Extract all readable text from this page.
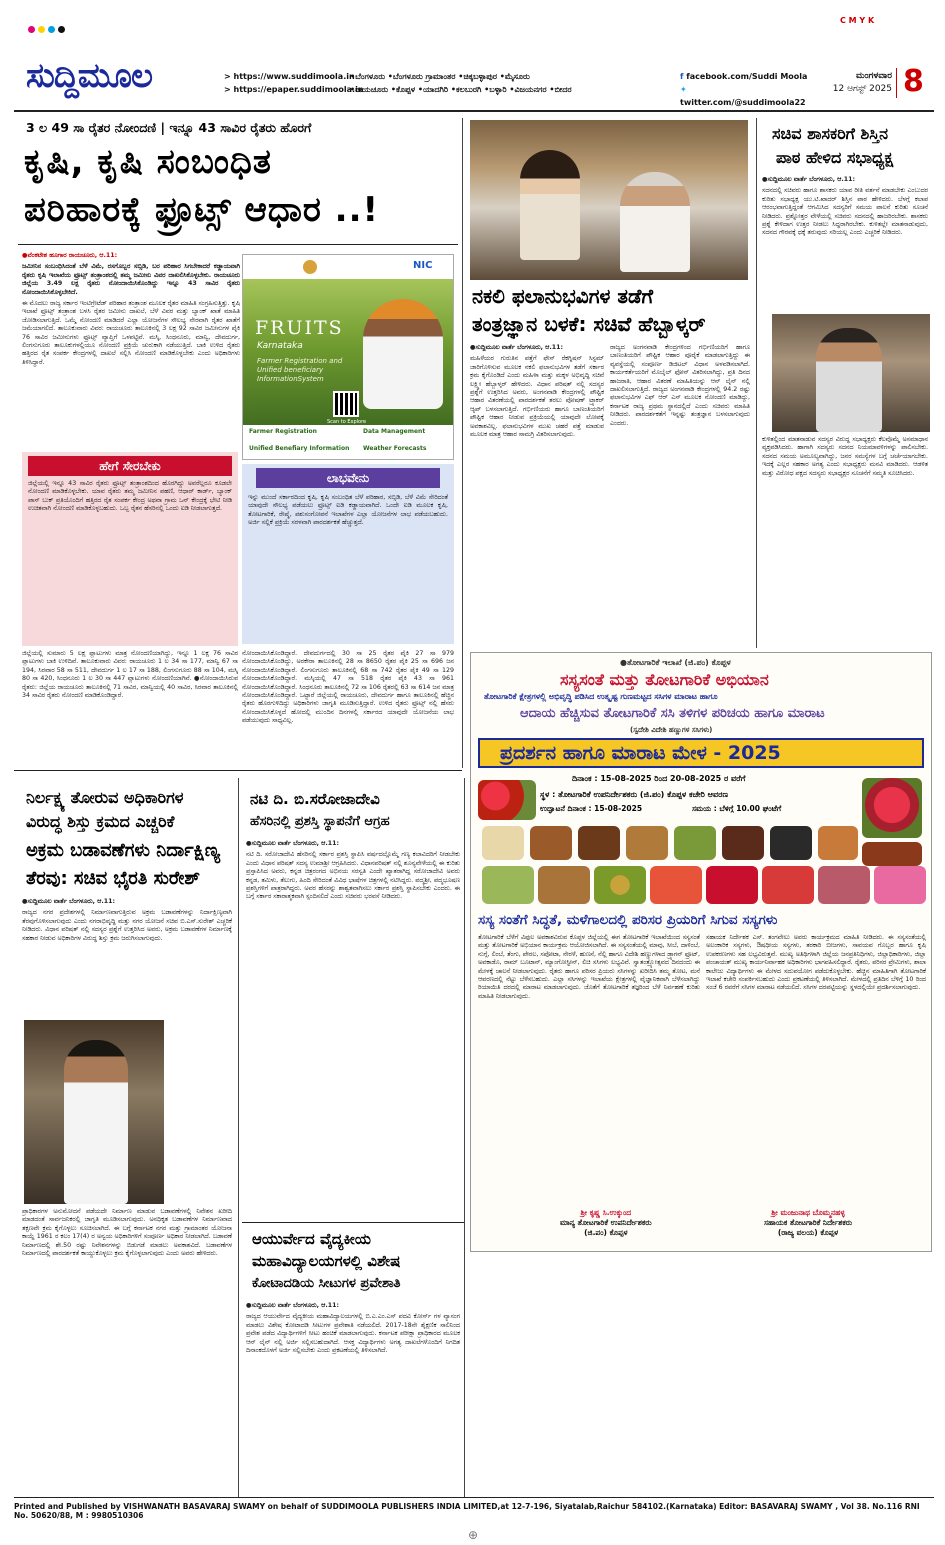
C M Y K
ಸುದ್ದಿಮೂಲ	> https://www.suddimoola.in
> https://epaper.suddimoola.in
•ಬೆಂಗಳೂರು •ಬೆಂಗಳೂರು ಗ್ರಾಮಾಂತರ •ಚಿಕ್ಕಬಳ್ಳಾಪುರ •ಮೈಸೂರು
•ರಾಯಚೂರು •ಕೊಪ್ಪಳ •ಯಾದಗಿರಿ •ಕಲಬುರಗಿ •ಬಳ್ಳಾರಿ •ವಿಜಯನಗರ •ಬೀದರ
f facebook.com/Suddi Moola
✦ twitter.com/@suddimoola22
ಮಂಗಳವಾರ
12 ಆಗಸ್ಟ್ 2025 8
3 ಲ 49 ಸಾ ರೈತರ ನೋಂದಣಿ | ಇನ್ನೂ 43 ಸಾವಿರ ರೈತರು ಹೊರಗೆ
ಕೃಷಿ, ಕೃಷಿ ಸಂಬಂಧಿತ
ಪರಿಹಾರಕ್ಕೆ ಫ್ರೂಟ್ಸ್ ಆಧಾರ ..!

●ವೆಂಕಟೇಶ ಹೂಗಾರ ರಾಯಚೂರು, ಆ.11:

ಜಮೀನಿನ ಸಂಬಂಧಿಸಿದಂತೆ ಬೆಳೆ ವಿಮೆ, ರಸಗೊಬ್ಬರ ಸಬ್ಸಿಡಿ, ಬರ ಪರಿಹಾರ ಸಿಗಬೇಕಾದರೆ ಕಡ್ಡಾಯವಾಗಿ ರೈತರು ಕೃಷಿ ಇಲಾಖೆಯ ಫ್ರೂಟ್ಸ್ ತಂತ್ರಾಂಶದಲ್ಲಿ ತಮ್ಮ ಜಮೀನು ವಿವರ ದಾಖಲಿಸಿಕೊಳ್ಳಬೇಕು. ರಾಯಚೂರು ಜಿಲ್ಲೆಯ 3.49 ಲಕ್ಷ ರೈತರು ನೋಂದಾಯಿಸಿಕೊಂಡಿದ್ದು ಇನ್ನೂ 43 ಸಾವಿರ ರೈತರು ನೋಂದಾಯಿಸಿಕೊಳ್ಳಬೇಕಿದೆ.

ಈ ಮೊದಲು ರಾಜ್ಯ ಸರ್ಕಾರ ಇಂಟಿಗ್ರೇಟೆಡ್ ಪರಿಹಾರ ತಂತ್ರಾಂಶ ಮೂಲಕ ರೈತರ ಮಾಹಿತಿ ಸಂಗ್ರಹಿಸುತ್ತಿತ್ತು. ಕೃಷಿ ಇಲಾಖೆ ಫ್ರೂಟ್ಸ್ ತಂತ್ರಾಂಶ ಬಳಸಿ ರೈತರ ಜಮೀನು ದಾಖಲೆ, ಬೆಳೆ ವಿವರ ಮತ್ತು ಬ್ಯಾಂಕ್ ಖಾತೆ ಮಾಹಿತಿ ಜೋಡಿಸಲಾಗುತ್ತಿದೆ. ಒಮ್ಮೆ ನೋಂದಣಿ ಮಾಡಿದರೆ ಎಲ್ಲಾ ಯೋಜನೆಗಳ ಸೌಲಭ್ಯ ನೇರವಾಗಿ ರೈತರ ಖಾತೆಗೆ ಜಮೆಯಾಗಲಿದೆ. ತಾಲೂಕುವಾರು ವಿವರ: ರಾಯಚೂರು ತಾಲೂಕಿನಲ್ಲಿ 3 ಲಕ್ಷ 92 ಸಾವಿರ ಜಮೀನುಗಳ ಪೈಕಿ 76 ಸಾವಿರ ಜಮೀನುಗಳು ಫ್ರೂಟ್ಸ್ ವ್ಯಾಪ್ತಿಗೆ ಒಳಪಟ್ಟಿವೆ. ಮಸ್ಕಿ, ಸಿಂಧನೂರು, ಮಾನ್ವಿ, ದೇವದುರ್ಗ, ಲಿಂಗಸುಗೂರು ತಾಲೂಕುಗಳಲ್ಲಿಯೂ ನೋಂದಣಿ ಪ್ರಕ್ರಿಯೆ ಚುರುಕಾಗಿ ನಡೆಯುತ್ತಿದೆ. ಬಾಕಿ ಉಳಿದ ರೈತರು ಹತ್ತಿರದ ರೈತ ಸಂಪರ್ಕ ಕೇಂದ್ರಗಳಲ್ಲಿ ದಾಖಲೆ ಸಲ್ಲಿಸಿ ನೋಂದಣಿ ಮಾಡಿಕೊಳ್ಳಬೇಕು ಎಂದು ಅಧಿಕಾರಿಗಳು ತಿಳಿಸಿದ್ದಾರೆ.

NIC
FRUITS
Karnataka
Farmer Registration and Unified beneficiary InformationSystem
Scan to Explore
Farmer Registration
Unified Benefiary Information
Data Management
Weather Forecasts
ಹೇಗೆ ಸೇರಬೇಕು
ಜಿಲ್ಲೆಯಲ್ಲಿ ಇನ್ನೂ 43 ಸಾವಿರ ರೈತರು ಫ್ರೂಟ್ಸ್ ತಂತ್ರಾಂಶದಿಂದ ಹೊರಗಿದ್ದು ಅವರೆಲ್ಲರೂ ಕೂಡಲೇ ನೋಂದಣಿ ಮಾಡಿಕೊಳ್ಳಬೇಕು. ಯಾವ ರೈತರು ತಮ್ಮ ಜಮೀನಿನ ಪಹಣಿ, ಆಧಾರ್ ಕಾರ್ಡ್, ಬ್ಯಾಂಕ್ ಪಾಸ್ ಬುಕ್ ಪ್ರತಿಯೊಂದಿಗೆ ಹತ್ತಿರದ ರೈತ ಸಂಪರ್ಕ ಕೇಂದ್ರ ಅಥವಾ ಗ್ರಾಮ ಒನ್ ಕೇಂದ್ರಕ್ಕೆ ಭೇಟಿ ನೀಡಿ ಉಚಿತವಾಗಿ ನೋಂದಣಿ ಮಾಡಿಕೊಳ್ಳಬಹುದು. ಒಬ್ಬ ರೈತನ ಹೆಸರಿನಲ್ಲಿ ಒಂದು ಐಡಿ ನೀಡಲಾಗುತ್ತದೆ.
ಲಾಭವೇನು
ಇನ್ನು ಮುಂದೆ ಸರ್ಕಾರದಿಂದ ಕೃಷಿ, ಕೃಷಿ ಸಂಬಂಧಿತ ಬೆಳೆ ಪರಿಹಾರ, ಸಬ್ಸಿಡಿ, ಬೆಳೆ ವಿಮೆ ಸೇರಿದಂತೆ ಯಾವುದೇ ಸೌಲಭ್ಯ ಪಡೆಯಲು ಫ್ರೂಟ್ಸ್ ಐಡಿ ಕಡ್ಡಾಯವಾಗಿದೆ. ಒಂದೇ ಐಡಿ ಮೂಲಕ ಕೃಷಿ, ತೋಟಗಾರಿಕೆ, ರೇಷ್ಮೆ, ಪಶುಸಂಗೋಪನೆ ಇಲಾಖೆಗಳ ಎಲ್ಲಾ ಯೋಜನೆಗಳ ಲಾಭ ಪಡೆಯಬಹುದು. ಅರ್ಜಿ ಸಲ್ಲಿಕೆ ಪ್ರಕ್ರಿಯೆ ಸರಳವಾಗಿ ಪಾರದರ್ಶಕತೆ ಹೆಚ್ಚುತ್ತದೆ.
ಜಿಲ್ಲೆಯಲ್ಲಿ ಸುಮಾರು 5 ಲಕ್ಷ ಪ್ಲಾಟುಗಳು ಮಾತ್ರ ನೋಂದಣಿಯಾಗಿದ್ದು, ಇನ್ನೂ 1 ಲಕ್ಷ 76 ಸಾವಿರ ಪ್ಲಾಟುಗಳು ಬಾಕಿ ಉಳಿದಿವೆ. ತಾಲೂಕುವಾರು ವಿವರ: ರಾಯಚೂರು 1 ಲ 34 ಸಾ 177, ಮಾನ್ವಿ 67 ಸಾ 194, ಸಿರವಾರ 58 ಸಾ 511, ದೇವದುರ್ಗ 1 ಲ 17 ಸಾ 188, ಲಿಂಗಸುಗೂರು 88 ಸಾ 104, ಮಸ್ಕಿ 80 ಸಾ 420, ಸಿಂಧನೂರು 1 ಲ 30 ಸಾ 447 ಪ್ಲಾಟುಗಳು ನೋಂದಣಿಯಾಗಿವೆ. ●ನೋಂದಾಯಿಸಿರುವ ರೈತರು: ಜಿಲ್ಲೆಯ ರಾಯಚೂರು ತಾಲೂಕಿನಲ್ಲಿ 71 ಸಾವಿರ, ಮಾನ್ವಿಯಲ್ಲಿ 40 ಸಾವಿರ, ಸಿರವಾರ ತಾಲೂಕಿನಲ್ಲಿ 34 ಸಾವಿರ ರೈತರು ನೋಂದಣಿ ಮಾಡಿಕೊಂಡಿದ್ದಾರೆ.
ನೋಂದಾಯಿಸಿಕೊಂಡಿದ್ದಾರೆ. ದೇವದುರ್ಗದಲ್ಲಿ 30 ಸಾ 25 ರೈತರ ಪೈಕಿ 27 ಸಾ 979 ನೋಂದಾಯಿಸಿಕೊಂಡಿದ್ದು, ಅರಕೇರಾ ತಾಲೂಕಿನಲ್ಲಿ 28 ಸಾ 8650 ರೈತರ ಪೈಕಿ 25 ಸಾ 696 ಜನ ನೋಂದಾಯಿಸಿಕೊಂಡಿದ್ದಾರೆ. ಲಿಂಗಸುಗೂರು ತಾಲೂಕಿನಲ್ಲಿ 68 ಸಾ 742 ರೈತರ ಪೈಕಿ 49 ಸಾ 129 ನೋಂದಾಯಿಸಿಕೊಂಡಿದ್ದಾರೆ. ಮಸ್ಕಿಯಲ್ಲಿ 47 ಸಾ 518 ರೈತರ ಪೈಕಿ 43 ಸಾ 961 ನೋಂದಾಯಿಸಿಕೊಂಡಿದ್ದಾರೆ. ಸಿಂಧನೂರು ತಾಲೂಕಿನಲ್ಲಿ 72 ಸಾ 106 ರೈತರಲ್ಲಿ 63 ಸಾ 614 ಜನ ಮಾತ್ರ ನೋಂದಾಯಿಸಿಕೊಂಡಿದ್ದಾರೆ. ಒಟ್ಟಾರೆ ಜಿಲ್ಲೆಯಲ್ಲಿ ರಾಯಚೂರು, ದೇವದುರ್ಗ ಹಾಗೂ ತಾಲೂಕಿನಲ್ಲಿ ಹೆಚ್ಚಿನ ರೈತರು ಹೊರಗುಳಿದಿದ್ದು ಅಧಿಕಾರಿಗಳು ಜಾಗೃತಿ ಮೂಡಿಸುತ್ತಿದ್ದಾರೆ. ಉಳಿದ ರೈತರು ಫ್ರೂಟ್ಸ್ ನಲ್ಲಿ ಹೆಸರು ನೋಂದಾಯಿಸಿಕೊಳ್ಳದೆ ಹೋದಲ್ಲಿ ಮುಂದಿನ ದಿನಗಳಲ್ಲಿ ಸರ್ಕಾರದ ಯಾವುದೇ ಯೋಜನೆಯ ಲಾಭ ಪಡೆಯುವುದು ಸಾಧ್ಯವಿಲ್ಲ.
ನಕಲಿ ಫಲಾನುಭವಿಗಳ ತಡೆಗೆ
ತಂತ್ರಜ್ಞಾನ ಬಳಕೆ: ಸಚಿವೆ ಹೆಬ್ಬಾಳ್ಕರ್

●ಸುದ್ದಿಮೂಲ ವಾರ್ತೆ ಬೆಂಗಳೂರು, ಆ.11:

ಮಹಿಳೆಯರ ಗುರುತಿನ ಪತ್ತೆಗೆ ಫೇಸ್ ರೆಕಗ್ನಿಷನ್ ಸಿಸ್ಟಮ್ ಜಾರಿಗೊಳಿಸುವ ಮೂಲಕ ನಕಲಿ ಫಲಾನುಭವಿಗಳ ತಡೆಗೆ ಸರ್ಕಾರ ಕ್ರಮ ಕೈಗೊಂಡಿದೆ ಎಂದು ಮಹಿಳಾ ಮತ್ತು ಮಕ್ಕಳ ಅಭಿವೃದ್ಧಿ ಸಚಿವೆ ಲಕ್ಷ್ಮೀ ಹೆಬ್ಬಾಳ್ಕರ್ ಹೇಳಿದರು. ವಿಧಾನ ಪರಿಷತ್ ನಲ್ಲಿ ಸದಸ್ಯರ ಪ್ರಶ್ನೆಗೆ ಉತ್ತರಿಸಿದ ಅವರು, ಅಂಗನವಾಡಿ ಕೇಂದ್ರಗಳಲ್ಲಿ ಪೌಷ್ಟಿಕ ಆಹಾರ ವಿತರಣೆಯಲ್ಲಿ ಪಾರದರ್ಶಕತೆ ತರಲು ಪೋಷಣ್ ಟ್ರ್ಯಾಕರ್ ಆ್ಯಪ್ ಬಳಸಲಾಗುತ್ತಿದೆ. ಗರ್ಭಿಣಿಯರು ಹಾಗೂ ಬಾಣಂತಿಯರಿಗೆ ಪೌಷ್ಟಿಕ ಆಹಾರ ನೀಡುವ ಪ್ರಕ್ರಿಯೆಯಲ್ಲಿ ಯಾವುದೇ ಲೋಪಕ್ಕೆ ಅವಕಾಶವಿಲ್ಲ. ಫಲಾನುಭವಿಗಳ ಮುಖ ಚಹರೆ ಪತ್ತೆ ಮಾಡುವ ಮೂಲಕ ಮಾತ್ರ ಆಹಾರ ಸಾಮಗ್ರಿ ವಿತರಿಸಲಾಗುವುದು.

ರಾಜ್ಯದ ಅಂಗನವಾಡಿ ಕೇಂದ್ರಗಳಿಂದ ಗರ್ಭಿಣಿಯರಿಗೆ ಹಾಗೂ ಬಾಣಂತಿಯರಿಗೆ ಪೌಷ್ಟಿಕ ಆಹಾರ ಪೂರೈಕೆ ಮಾಡಲಾಗುತ್ತಿದ್ದು ಈ ವ್ಯವಸ್ಥೆಯಲ್ಲಿ ಸಂಪೂರ್ಣ ಡಿಜಿಟಲ್ ವಿಧಾನ ಅಳವಡಿಸಲಾಗಿದೆ. ಕಾರ್ಯಕರ್ತೆಯರಿಗೆ ಮೊಬೈಲ್ ಫೋನ್ ವಿತರಿಸಲಾಗಿದ್ದು, ಪ್ರತಿ ದಿನದ ಹಾಜರಾತಿ, ಆಹಾರ ವಿತರಣೆ ಮಾಹಿತಿಯನ್ನು ಆನ್ ಲೈನ್ ನಲ್ಲಿ ದಾಖಲಿಸಲಾಗುತ್ತಿದೆ. ರಾಜ್ಯದ ಅಂಗನವಾಡಿ ಕೇಂದ್ರಗಳಲ್ಲಿ 94.2 ರಷ್ಟು ಫಲಾನುಭವಿಗಳ ಎಫ್ ಆರ್ ಎಸ್ ಮೂಲಕ ನೋಂದಣಿ ಮಾಡಿದ್ದು, ಕರ್ನಾಟಕ ರಾಜ್ಯ ಪ್ರಥಮ ಸ್ಥಾನದಲ್ಲಿದೆ ಎಂದು ಸಚಿವರು ಮಾಹಿತಿ ನೀಡಿದರು. ಪಾರದರ್ಶಕತೆಗೆ ಇನ್ನಷ್ಟು ತಂತ್ರಜ್ಞಾನ ಬಳಸಲಾಗುವುದು ಎಂದರು.
ಸಚಿವ ಶಾಸಕರಿಗೆ ಶಿಸ್ತಿನ
ಪಾಠ ಹೇಳಿದ ಸಭಾಧ್ಯಕ್ಷ

●ಸುದ್ದಿಮೂಲ ವಾರ್ತೆ ಬೆಂಗಳೂರು, ಆ.11:

ಸದನದಲ್ಲಿ ಸಚಿವರು ಹಾಗೂ ಶಾಸಕರು ಯಾವ ರೀತಿ ವರ್ತನೆ ಮಾಡಬೇಕು ಎಂಬುದರ ಕುರಿತು ಸಭಾಧ್ಯಕ್ಷ ಯು.ಟಿ.ಖಾದರ್ ಶಿಸ್ತಿನ ಪಾಠ ಹೇಳಿದರು. ಬೆಳಗ್ಗೆ ಕಲಾಪ ಆರಂಭವಾಗುತ್ತಿದ್ದಂತೆ ಆಗಮಿಸಿದ ಸದಸ್ಯರಿಗೆ ಸಮಯ ಪಾಲನೆ ಕುರಿತು ಸೂಚನೆ ನೀಡಿದರು. ಪ್ರಶ್ನೋತ್ತರ ವೇಳೆಯಲ್ಲಿ ಸಚಿವರು ಸದನದಲ್ಲಿ ಹಾಜರಿರಬೇಕು. ಶಾಸಕರು ಪ್ರಶ್ನೆ ಕೇಳಿದಾಗ ಉತ್ತರ ನೀಡಲು ಸಿದ್ಧರಾಗಿರಬೇಕು. ಕುಳಿತಲ್ಲೇ ಮಾತನಾಡುವುದು, ಸದನದ ಗೌರವಕ್ಕೆ ಧಕ್ಕೆ ತರುವುದು ಸರಿಯಲ್ಲ ಎಂದು ಎಚ್ಚರಿಕೆ ನೀಡಿದರು.

ಕುಳಿತಲ್ಲಿಂದ ಮಾತನಾಡುವ ಸದಸ್ಯರ ವಿರುದ್ಧ ಸಭಾಧ್ಯಕ್ಷರು ಕೆಲವೊಮ್ಮೆ ಅಸಮಾಧಾನ ವ್ಯಕ್ತಪಡಿಸಿದರು. ಹಾಗಾಗಿ ಸದಸ್ಯರು ಸದನದ ನಿಯಮಾವಳಿಗಳನ್ನು ಪಾಲಿಸಬೇಕು. ಸದನದ ಸಮಯ ಅಮೂಲ್ಯವಾಗಿದ್ದು, ಜನರ ಸಮಸ್ಯೆಗಳ ಬಗ್ಗೆ ಚರ್ಚೆಯಾಗಬೇಕು. ಇದಕ್ಕೆ ಎಲ್ಲರ ಸಹಕಾರ ಅಗತ್ಯ ಎಂದು ಸಭಾಧ್ಯಕ್ಷರು ಮನವಿ ಮಾಡಿದರು. ಆಡಳಿತ ಮತ್ತು ವಿರೋಧ ಪಕ್ಷದ ಸದಸ್ಯರು ಸಭಾಧ್ಯಕ್ಷರ ಸೂಚನೆಗೆ ಸಮ್ಮತಿ ಸೂಚಿಸಿದರು.
●ತೋಟಗಾರಿಕೆ ಇಲಾಖೆ (ಜಿ.ಪಂ) ಕೊಪ್ಪಳ
ಸಸ್ಯಸಂತೆ ಮತ್ತು ತೋಟಗಾರಿಕೆ ಅಭಿಯಾನ
ತೋಟಗಾರಿಕೆ ಕ್ಷೇತ್ರಗಳಲ್ಲಿ ಅಭಿವೃದ್ಧಿ ಪಡಿಸಿದ ಉತ್ಕೃಷ್ಟ ಗುಣಮಟ್ಟದ ಸಸಿಗಳ ಮಾರಾಟ ಹಾಗೂ
ಆದಾಯ ಹೆಚ್ಚಿಸುವ ತೋಟಗಾರಿಕೆ ಸಸಿ ತಳಿಗಳ ಪರಿಚಯ ಹಾಗೂ ಮಾರಾಟ
(ಸ್ವದೇಶಿ ವಿದೇಶಿ ಹಣ್ಣುಗಳ ಸಸಿಗಳು)
ಪ್ರದರ್ಶನ ಹಾಗೂ ಮಾರಾಟ ಮೇಳ - 2025
ದಿನಾಂಕ : 15-08-2025 ರಿಂದ 20-08-2025 ರ ವರೆಗೆ
ಸ್ಥಳ : ತೋಟಗಾರಿಕೆ ಉಪನಿರ್ದೇಶಕರು (ಜಿ.ಪಂ) ಕೊಪ್ಪಳ ಕಚೇರಿ ಆವರಣ
ಉದ್ಘಾಟನೆ ದಿನಾಂಕ : 15-08-2025	ಸಮಯ : ಬೆಳಿಗ್ಗೆ 10.00 ಘಂಟೆಗೆ
ಸಸ್ಯ ಸಂತೆಗೆ ಸಿದ್ಧತೆ, ಮಳೆಗಾಲದಲ್ಲಿ ಪರಿಸರ ಪ್ರಿಯರಿಗೆ ಸಿಗುವ ಸಸ್ಯಗಳು
ತೋಟಗಾರಿಕೆ ಬೆಳೆಗೆ ವಿಫುಲ ಅವಕಾಶವಿರುವ ಕೊಪ್ಪಳ ಜಿಲ್ಲೆಯಲ್ಲಿ ಈಗ ತೋಟಗಾರಿಕೆ ಇಲಾಖೆಯಿಂದ ಸಸ್ಯಸಂತೆ ಮತ್ತು ತೋಟಗಾರಿಕೆ ಅಭಿಯಾನ ಕಾರ್ಯಕ್ರಮ ಆಯೋಜಿಸಲಾಗಿದೆ. ಈ ಸಸ್ಯಸಂತೆಯಲ್ಲಿ ಮಾವು, ಸೀಬೆ, ದಾಳಿಂಬೆ, ನುಗ್ಗೆ, ಲಿಂಬೆ, ತೆಂಗು, ಪೇರಲ, ಸಪೋಟಾ, ನೇರಳೆ, ಹುಣಸೆ, ನೆಲ್ಲಿ ಹಾಗೂ ವಿದೇಶಿ ಹಣ್ಣುಗಳಾದ ಡ್ರ್ಯಾಗನ್ ಫ್ರೂಟ್, ಅವಕಾಡೊ, ರಾಮ್ ಬೂಟಾನ್, ಮ್ಯಾಂಗೋಸ್ಟೀನ್, ಲಿಚಿ ಸಸಿಗಳು ಲಭ್ಯವಿವೆ. ಸ್ವಾತಂತ್ರ್ಯೋತ್ಸವದ ದಿನದಂದು ಈ ಮೇಳಕ್ಕೆ ಚಾಲನೆ ನೀಡಲಾಗುವುದು. ರೈತರು ಹಾಗೂ ಪರಿಸರ ಪ್ರಿಯರು ಸಸಿಗಳನ್ನು ಖರೀದಿಸಿ ತಮ್ಮ ತೋಟ, ಮನೆ ಆವರಣದಲ್ಲಿ ನೆಟ್ಟು ಬೆಳೆಸಬಹುದು. ಎಲ್ಲಾ ಸಸಿಗಳನ್ನು ಇಲಾಖೆಯ ಕ್ಷೇತ್ರಗಳಲ್ಲಿ ವೈಜ್ಞಾನಿಕವಾಗಿ ಬೆಳೆಸಲಾಗಿದ್ದು ರಿಯಾಯಿತಿ ದರದಲ್ಲಿ ಮಾರಾಟ ಮಾಡಲಾಗುವುದು. ಜೊತೆಗೆ ತೋಟಗಾರಿಕೆ ತಜ್ಞರಿಂದ ಬೆಳೆ ನಿರ್ವಹಣೆ ಕುರಿತು ಮಾಹಿತಿ ನೀಡಲಾಗುವುದು.
ಸಹಾಯಕ ನಿರ್ದೇಶಕ ಎಸ್. ತಂಗವೇಲು ಅವರು ಕಾರ್ಯಕ್ರಮದ ಮಾಹಿತಿ ನೀಡಿದರು. ಈ ಸಸ್ಯಸಂತೆಯಲ್ಲಿ ಅಲಂಕಾರಿಕ ಸಸ್ಯಗಳು, ಔಷಧೀಯ ಸಸ್ಯಗಳು, ತರಕಾರಿ ಬೀಜಗಳು, ಸಾವಯವ ಗೊಬ್ಬರ ಹಾಗೂ ಕೃಷಿ ಉಪಕರಣಗಳು ಸಹ ಲಭ್ಯವಿರುತ್ತವೆ. ಮುಖ್ಯ ಅತಿಥಿಗಳಾಗಿ ಜಿಲ್ಲೆಯ ಜನಪ್ರತಿನಿಧಿಗಳು, ಜಿಲ್ಲಾಧಿಕಾರಿಗಳು, ಜಿಲ್ಲಾ ಪಂಚಾಯತ್ ಮುಖ್ಯ ಕಾರ್ಯನಿರ್ವಾಹಕ ಅಧಿಕಾರಿಗಳು ಭಾಗವಹಿಸಲಿದ್ದಾರೆ. ರೈತರು, ಪರಿಸರ ಪ್ರೇಮಿಗಳು, ಶಾಲಾ ಕಾಲೇಜು ವಿದ್ಯಾರ್ಥಿಗಳು ಈ ಮೇಳದ ಸದುಪಯೋಗ ಪಡೆದುಕೊಳ್ಳಬೇಕು. ಹೆಚ್ಚಿನ ಮಾಹಿತಿಗಾಗಿ ತೋಟಗಾರಿಕೆ ಇಲಾಖೆ ಕಚೇರಿ ಸಂಪರ್ಕಿಸಬಹುದು ಎಂದು ಪ್ರಕಟಣೆಯಲ್ಲಿ ತಿಳಿಸಲಾಗಿದೆ. ಮೇಳದಲ್ಲಿ ಪ್ರತಿದಿನ ಬೆಳಿಗ್ಗೆ 10 ರಿಂದ ಸಂಜೆ 6 ರವರೆಗೆ ಸಸಿಗಳ ಮಾರಾಟ ನಡೆಯಲಿದೆ. ಸಸಿಗಳ ದರಪಟ್ಟಿಯನ್ನು ಸ್ಥಳದಲ್ಲಿಯೇ ಪ್ರದರ್ಶಿಸಲಾಗುವುದು.
ಶ್ರೀ ಕೃಷ್ಣ ಸಿ.ಉಕ್ಕುಂದ
ಮಾನ್ಯ ತೋಟಗಾರಿಕೆ ಉಪನಿರ್ದೇಶಕರು
(ಜಿ.ಪಂ) ಕೊಪ್ಪಳ
ಶ್ರೀ ಮಂಜುನಾಥ ಬೊಮ್ಮನಹಳ್ಳ
ಸಹಾಯಕ ತೋಟಗಾರಿಕೆ ನಿರ್ದೇಶಕರು
(ರಾಜ್ಯ ವಲಯ) ಕೊಪ್ಪಳ
ನಿರ್ಲಕ್ಷ್ಯ ತೋರುವ ಅಧಿಕಾರಿಗಳ
ವಿರುದ್ಧ ಶಿಸ್ತು ಕ್ರಮದ ಎಚ್ಚರಿಕೆ
ಅಕ್ರಮ ಬಡಾವಣೆಗಳು ನಿರ್ದಾಕ್ಷಿಣ್ಯ
ತೆರವು: ಸಚಿವ ಭೈರತಿ ಸುರೇಶ್

●ಸುದ್ದಿಮೂಲ ವಾರ್ತೆ ಬೆಂಗಳೂರು, ಆ.11:

ರಾಜ್ಯದ ನಗರ ಪ್ರದೇಶಗಳಲ್ಲಿ ನಿರ್ಮಾಣವಾಗುತ್ತಿರುವ ಅಕ್ರಮ ಬಡಾವಣೆಗಳನ್ನು ನಿರ್ದಾಕ್ಷಿಣ್ಯವಾಗಿ ತೆರವುಗೊಳಿಸಲಾಗುವುದು ಎಂದು ನಗರಾಭಿವೃದ್ಧಿ ಮತ್ತು ನಗರ ಯೋಜನೆ ಸಚಿವ ಬಿ.ಎಸ್.ಸುರೇಶ್ ಎಚ್ಚರಿಕೆ ನೀಡಿದರು. ವಿಧಾನ ಪರಿಷತ್ ನಲ್ಲಿ ಸದಸ್ಯರ ಪ್ರಶ್ನೆಗೆ ಉತ್ತರಿಸಿದ ಅವರು, ಅಕ್ರಮ ಬಡಾವಣೆಗಳ ನಿರ್ಮಾಣಕ್ಕೆ ಸಹಕಾರ ನೀಡುವ ಅಧಿಕಾರಿಗಳ ವಿರುದ್ಧ ಶಿಸ್ತು ಕ್ರಮ ಜರುಗಿಸಲಾಗುವುದು.

ಪ್ರಾಧಿಕಾರಗಳ ಅನುಮೋದನೆ ಪಡೆಯದೇ ನಿರ್ಮಾಣ ಮಾಡುವ ಬಡಾವಣೆಗಳಲ್ಲಿ ನಿವೇಶನ ಖರೀದಿ ಮಾಡದಂತೆ ಸಾರ್ವಜನಿಕರಲ್ಲಿ ಜಾಗೃತಿ ಮೂಡಿಸಲಾಗುವುದು. ಅನಧಿಕೃತ ಬಡಾವಣೆಗಳ ನಿರ್ಮಾಣವಾದ ತಕ್ಷಣವೇ ಕ್ರಮ ಕೈಗೊಳ್ಳಲು ಸೂಚಿಸಲಾಗಿದೆ. ಈ ಬಗ್ಗೆ ಕರ್ನಾಟಕ ನಗರ ಮತ್ತು ಗ್ರಾಮಾಂತರ ಯೋಜನಾ ಕಾಯ್ದೆ 1961 ರ ಕಲಂ 17(4) ರ ಅನ್ವಯ ಅಧಿಕಾರಿಗಳಿಗೆ ಸಂಪೂರ್ಣ ಅಧಿಕಾರ ನೀಡಲಾಗಿದೆ. ಬಡಾವಣೆ ನಿರ್ಮಾಣದಲ್ಲಿ ಶೇ.50 ರಷ್ಟು ನಿವೇಶನಗಳನ್ನು ಬಿಡುಗಡೆ ಮಾಡಲು ಅವಕಾಶವಿದೆ. ಬಡಾವಣೆಗಳ ನಿರ್ಮಾಣದಲ್ಲಿ ಪಾರದರ್ಶಕತೆ ಕಾಯ್ದುಕೊಳ್ಳಲು ಕ್ರಮ ಕೈಗೊಳ್ಳಲಾಗುವುದು ಎಂದು ಅವರು ಹೇಳಿದರು.
ನಟಿ ದಿ. ಬಿ.ಸರೋಜಾದೇವಿ
ಹೆಸರಿನಲ್ಲಿ ಪ್ರಶಸ್ತಿ ಸ್ಥಾಪನೆಗೆ ಆಗ್ರಹ

●ಸುದ್ದಿಮೂಲ ವಾರ್ತೆ ಬೆಂಗಳೂರು, ಆ.11:

ನಟಿ ದಿ. ಸರೋಜಾದೇವಿ ಹೆಸರಿನಲ್ಲಿ ಸರ್ಕಾರ ಪ್ರಶಸ್ತಿ ಸ್ಥಾಪಿಸಿ ವರ್ಷದಲ್ಲೊಮ್ಮೆ ಗಣ್ಯ ಕಲಾವಿದರಿಗೆ ನೀಡಬೇಕು ಎಂದು ವಿಧಾನ ಪರಿಷತ್ ಸದಸ್ಯ ಉಮಾಶ್ರೀ ಆಗ್ರಹಿಸಿದರು. ವಿಧಾನಪರಿಷತ್ ನಲ್ಲಿ ಶೂನ್ಯವೇಳೆಯಲ್ಲಿ ಈ ಕುರಿತು ಪ್ರಸ್ತಾಪಿಸಿದ ಅವರು, ಕನ್ನಡ ಚಿತ್ರರಂಗದ ಅಭಿನಯ ಸರಸ್ವತಿ ಎಂದೇ ಖ್ಯಾತರಾಗಿದ್ದ ಸರೋಜಾದೇವಿ ಅವರು ಕನ್ನಡ, ತಮಿಳು, ತೆಲುಗು, ಹಿಂದಿ ಸೇರಿದಂತೆ ವಿವಿಧ ಭಾಷೆಗಳ ಚಿತ್ರಗಳಲ್ಲಿ ನಟಿಸಿದ್ದರು. ಪದ್ಮಶ್ರೀ, ಪದ್ಮಭೂಷಣ ಪ್ರಶಸ್ತಿಗಳಿಗೆ ಪಾತ್ರರಾಗಿದ್ದರು. ಅವರ ಹೆಸರನ್ನು ಶಾಶ್ವತವಾಗಿಸಲು ಸರ್ಕಾರ ಪ್ರಶಸ್ತಿ ಸ್ಥಾಪಿಸಬೇಕು ಎಂದರು. ಈ ಬಗ್ಗೆ ಸರ್ಕಾರ ಸಕಾರಾತ್ಮಕವಾಗಿ ಸ್ಪಂದಿಸಲಿದೆ ಎಂದು ಸಚಿವರು ಭರವಸೆ ನೀಡಿದರು.

ಆಯುರ್ವೇದ ವೈದ್ಯಕೀಯ
ಮಹಾವಿದ್ಯಾಲಯಗಳಲ್ಲಿ ವಿಶೇಷ
ಕೋಟಾದಡಿಯ ಸೀಟುಗಳ ಪ್ರವೇಶಾತಿ

●ಸುದ್ದಿಮೂಲ ವಾರ್ತೆ ಬೆಂಗಳೂರು, ಆ.11:

ರಾಜ್ಯದ ಆಯುರ್ವೇದ ವೈದ್ಯಕೀಯ ಮಹಾವಿದ್ಯಾಲಯಗಳಲ್ಲಿ ಬಿ.ಎ.ಎಂ.ಎಸ್ ಪದವಿ ಕೋರ್ಸ್ ಗಳ ವ್ಯಾಸಂಗ ಮಾಡಲು ವಿಶೇಷ ಕೋಟಾದಡಿ ಸೀಟುಗಳ ಪ್ರವೇಶಾತಿ ನಡೆಯಲಿದೆ. 2017-18ನೇ ಶೈಕ್ಷಣಿಕ ಸಾಲಿನಿಂದ ಪ್ರವೇಶ ಪಡೆದ ವಿದ್ಯಾರ್ಥಿಗಳಿಗೆ ಸೀಟು ಹಂಚಿಕೆ ಮಾಡಲಾಗುವುದು. ಕರ್ನಾಟಕ ಪರೀಕ್ಷಾ ಪ್ರಾಧಿಕಾರದ ಮೂಲಕ ಆನ್ ಲೈನ್ ನಲ್ಲಿ ಅರ್ಜಿ ಸಲ್ಲಿಸಬಹುದಾಗಿದೆ. ಆಸಕ್ತ ವಿದ್ಯಾರ್ಥಿಗಳು ಅಗತ್ಯ ದಾಖಲೆಗಳೊಂದಿಗೆ ನಿಗದಿತ ದಿನಾಂಕದೊಳಗೆ ಅರ್ಜಿ ಸಲ್ಲಿಸಬೇಕು ಎಂದು ಪ್ರಕಟಣೆಯಲ್ಲಿ ತಿಳಿಸಲಾಗಿದೆ.

Printed and Published by VISHWANATH BASAVARAJ SWAMY on behalf of SUDDIMOOLA PUBLISHERS INDIA LIMITED,at 12-7-196, Siyatalab,Raichur 584102.(Karnataka) Editor: BASAVARAJ SWAMY , Vol 38. No.116 RNI No. 50620/88, M : 9980510306
⊕
